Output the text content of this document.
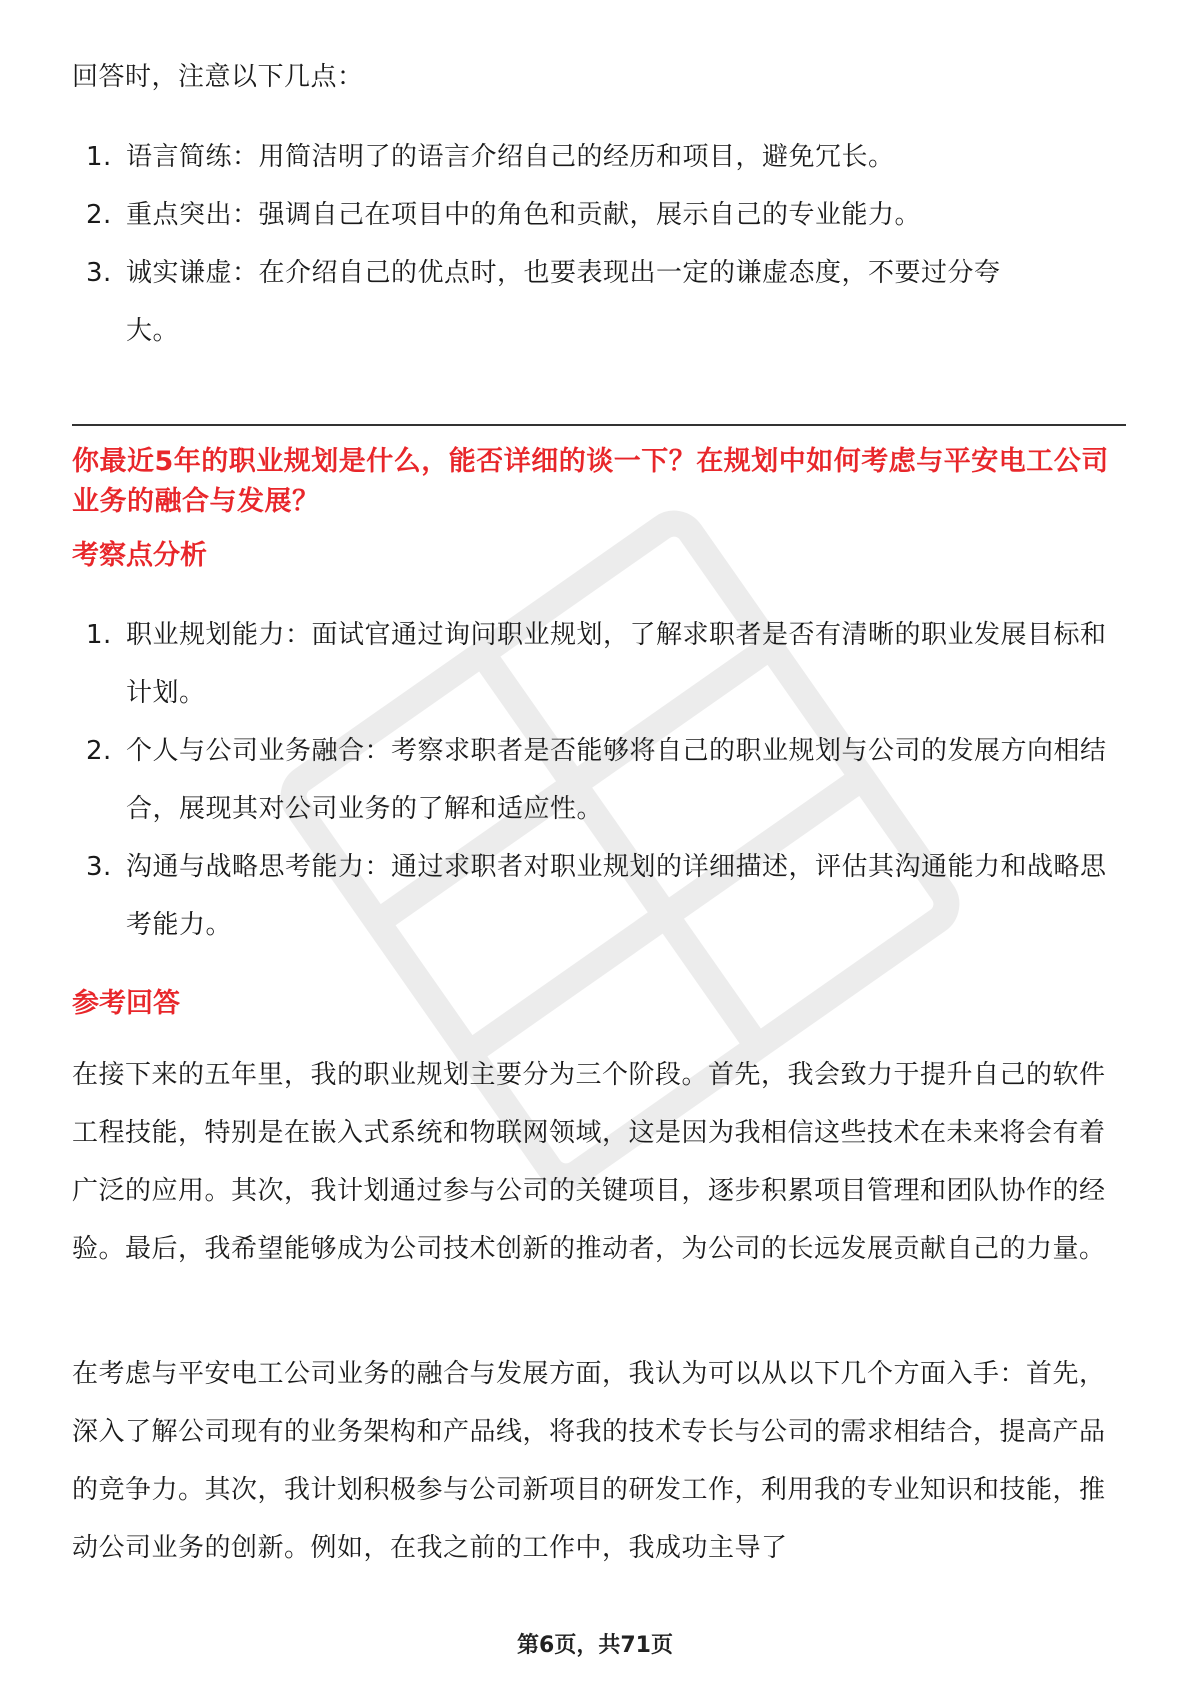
回答时，注意以下几点：

1. 语言简练：用简洁明了的语言介绍自己的经历和项目，避免冗长。
2. 重点突出：强调自己在项目中的角色和贡献，展示自己的专业能力。
3. 诚实谦虚：在介绍自己的优点时，也要表现出一定的谦虚态度，不要过分夸大。
你最近5年的职业规划是什么，能否详细的谈一下？在规划中如何考虑与平安电工公司业务的融合与发展？
考察点分析
1. 职业规划能力：面试官通过询问职业规划，了解求职者是否有清晰的职业发展目标和计划。
2. 个人与公司业务融合：考察求职者是否能够将自己的职业规划与公司的发展方向相结合，展现其对公司业务的了解和适应性。
3. 沟通与战略思考能力：通过求职者对职业规划的详细描述，评估其沟通能力和战略思考能力。
参考回答

在接下来的五年里，我的职业规划主要分为三个阶段。首先，我会致力于提升自己的软件工程技能，特别是在嵌入式系统和物联网领域，这是因为我相信这些技术在未来将会有着广泛的应用。其次，我计划通过参与公司的关键项目，逐步积累项目管理和团队协作的经验。最后，我希望能够成为公司技术创新的推动者，为公司的长远发展贡献自己的力量。

在考虑与平安电工公司业务的融合与发展方面，我认为可以从以下几个方面入手：首先，深入了解公司现有的业务架构和产品线，将我的技术专长与公司的需求相结合，提高产品的竞争力。其次，我计划积极参与公司新项目的研发工作，利用我的专业知识和技能，推动公司业务的创新。例如，在我之前的工作中，我成功主导了

第6页，共71页
